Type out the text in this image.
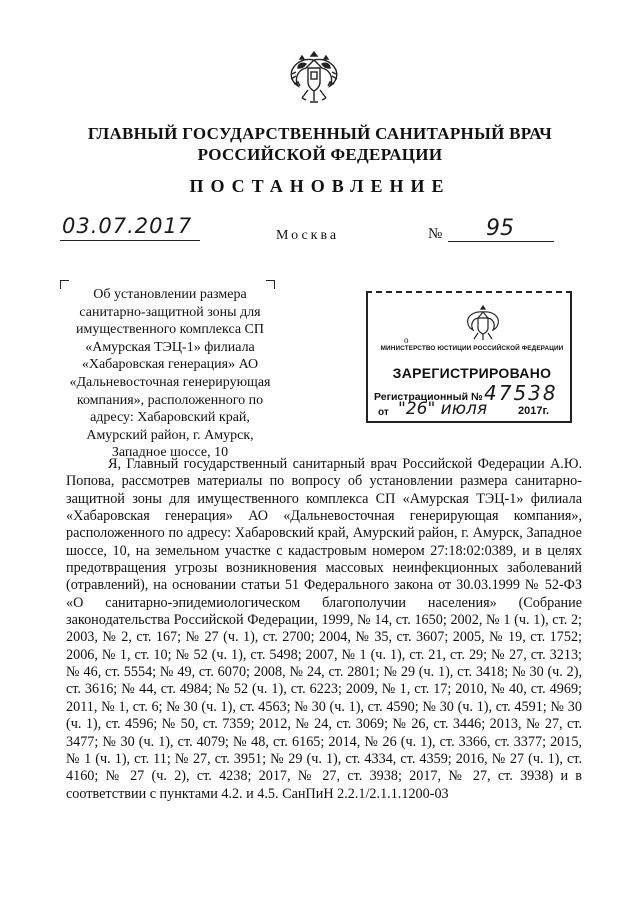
ГЛАВНЫЙ ГОСУДАРСТВЕННЫЙ САНИТАРНЫЙ ВРАЧ
РОССИЙСКОЙ ФЕДЕРАЦИИ
ПОСТАНОВЛЕНИЕ
03.07.2017	Москва	№ 95
Об установлении размера санитарно-защитной зоны для имущественного комплекса СП «Амурская ТЭЦ-1» филиала «Хабаровская генерация» АО «Дальневосточная генерирующая компания», расположенного по адресу: Хабаровский край, Амурский район, г. Амурск, Западное шоссе, 10
о
МИНИСТЕРСТВО ЮСТИЦИИ РОССИЙСКОЙ ФЕДЕРАЦИИ
ЗАРЕГИСТРИРОВАНО
Регистрационный № 47538
от "26" июля	2017г.
Я, Главный государственный санитарный врач Российской Федерации А.Ю. Попова, рассмотрев материалы по вопросу об установлении размера санитарно-защитной зоны для имущественного комплекса СП «Амурская ТЭЦ-1» филиала «Хабаровская генерация» АО «Дальневосточная генерирующая компания», расположенного по адресу: Хабаровский край, Амурский район, г. Амурск, Западное шоссе, 10, на земельном участке с кадастровым номером 27:18:02:0389, и в целях предотвращения угрозы возникновения массовых неинфекционных заболеваний (отравлений), на основании статьи 51 Федерального закона от 30.03.1999 № 52-ФЗ «О санитарно-эпидемиологическом благополучии населения» (Собрание законодательства Российской Федерации, 1999, № 14, ст. 1650; 2002, № 1 (ч. 1), ст. 2; 2003, № 2, ст. 167; № 27 (ч. 1), ст. 2700; 2004, № 35, ст. 3607; 2005, № 19, ст. 1752; 2006, № 1, ст. 10; № 52 (ч. 1), ст. 5498; 2007, № 1 (ч. 1), ст. 21, ст. 29; № 27, ст. 3213; № 46, ст. 5554; № 49, ст. 6070; 2008, № 24, ст. 2801; № 29 (ч. 1), ст. 3418; № 30 (ч. 2), ст. 3616; № 44, ст. 4984; № 52 (ч. 1), ст. 6223; 2009, № 1, ст. 17; 2010, № 40, ст. 4969; 2011, № 1, ст. 6; № 30 (ч. 1), ст. 4563; № 30 (ч. 1), ст. 4590; № 30 (ч. 1), ст. 4591; № 30 (ч. 1), ст. 4596; № 50, ст. 7359; 2012, № 24, ст. 3069; № 26, ст. 3446; 2013, № 27, ст. 3477; № 30 (ч. 1), ст. 4079; № 48, ст. 6165; 2014, № 26 (ч. 1), ст. 3366, ст. 3377; 2015, № 1 (ч. 1), ст. 11; № 27, ст. 3951; № 29 (ч. 1), ст. 4334, ст. 4359; 2016, № 27 (ч. 1), ст. 4160; № 27 (ч. 2), ст. 4238; 2017, № 27, ст. 3938; 2017, № 27, ст. 3938) и в соответствии с пунктами 4.2. и 4.5. СанПиН 2.2.1/2.1.1.1200-03
